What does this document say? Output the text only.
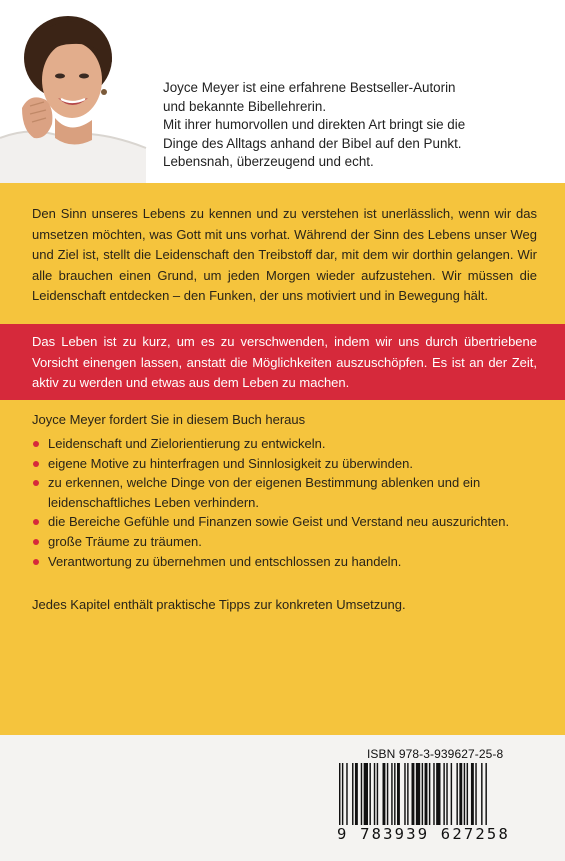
Joyce Meyer ist eine erfahrene Bestseller-Autorin

und bekannte Bibellehrerin.

Mit ihrer humorvollen und direkten Art bringt sie die

Dinge des Alltags anhand der Bibel auf den Punkt.

Lebensnah, überzeugend und echt.

Den Sinn unseres Lebens zu kennen und zu verstehen ist unerlässlich, wenn wir das umsetzen möchten, was Gott mit uns vorhat. Während der Sinn des Lebens unser Weg und Ziel ist, stellt die Leidenschaft den Treibstoff dar, mit dem wir dorthin gelangen. Wir alle brauchen einen Grund, um jeden Morgen wieder aufzustehen. Wir müssen die Leidenschaft entdecken – den Funken, der uns motiviert und in Bewegung hält.
Das Leben ist zu kurz, um es zu verschwenden, indem wir uns durch übertriebene Vorsicht einengen lassen, anstatt die Möglichkeiten auszuschöpfen. Es ist an der Zeit, aktiv zu werden und etwas aus dem Leben zu machen.
Joyce Meyer fordert Sie in diesem Buch heraus
Leidenschaft und Zielorientierung zu entwickeln.
eigene Motive zu hinterfragen und Sinnlosigkeit zu überwinden.
zu erkennen, welche Dinge von der eigenen Bestimmung ablenken und ein leidenschaftliches Leben verhindern.
die Bereiche Gefühle und Finanzen sowie Geist und Verstand neu auszurichten.
große Träume zu träumen.
Verantwortung zu übernehmen und entschlossen zu handeln.
Jedes Kapitel enthält praktische Tipps zur konkreten Umsetzung.
ISBN 978-3-939627-25-8
9 783939 627258
